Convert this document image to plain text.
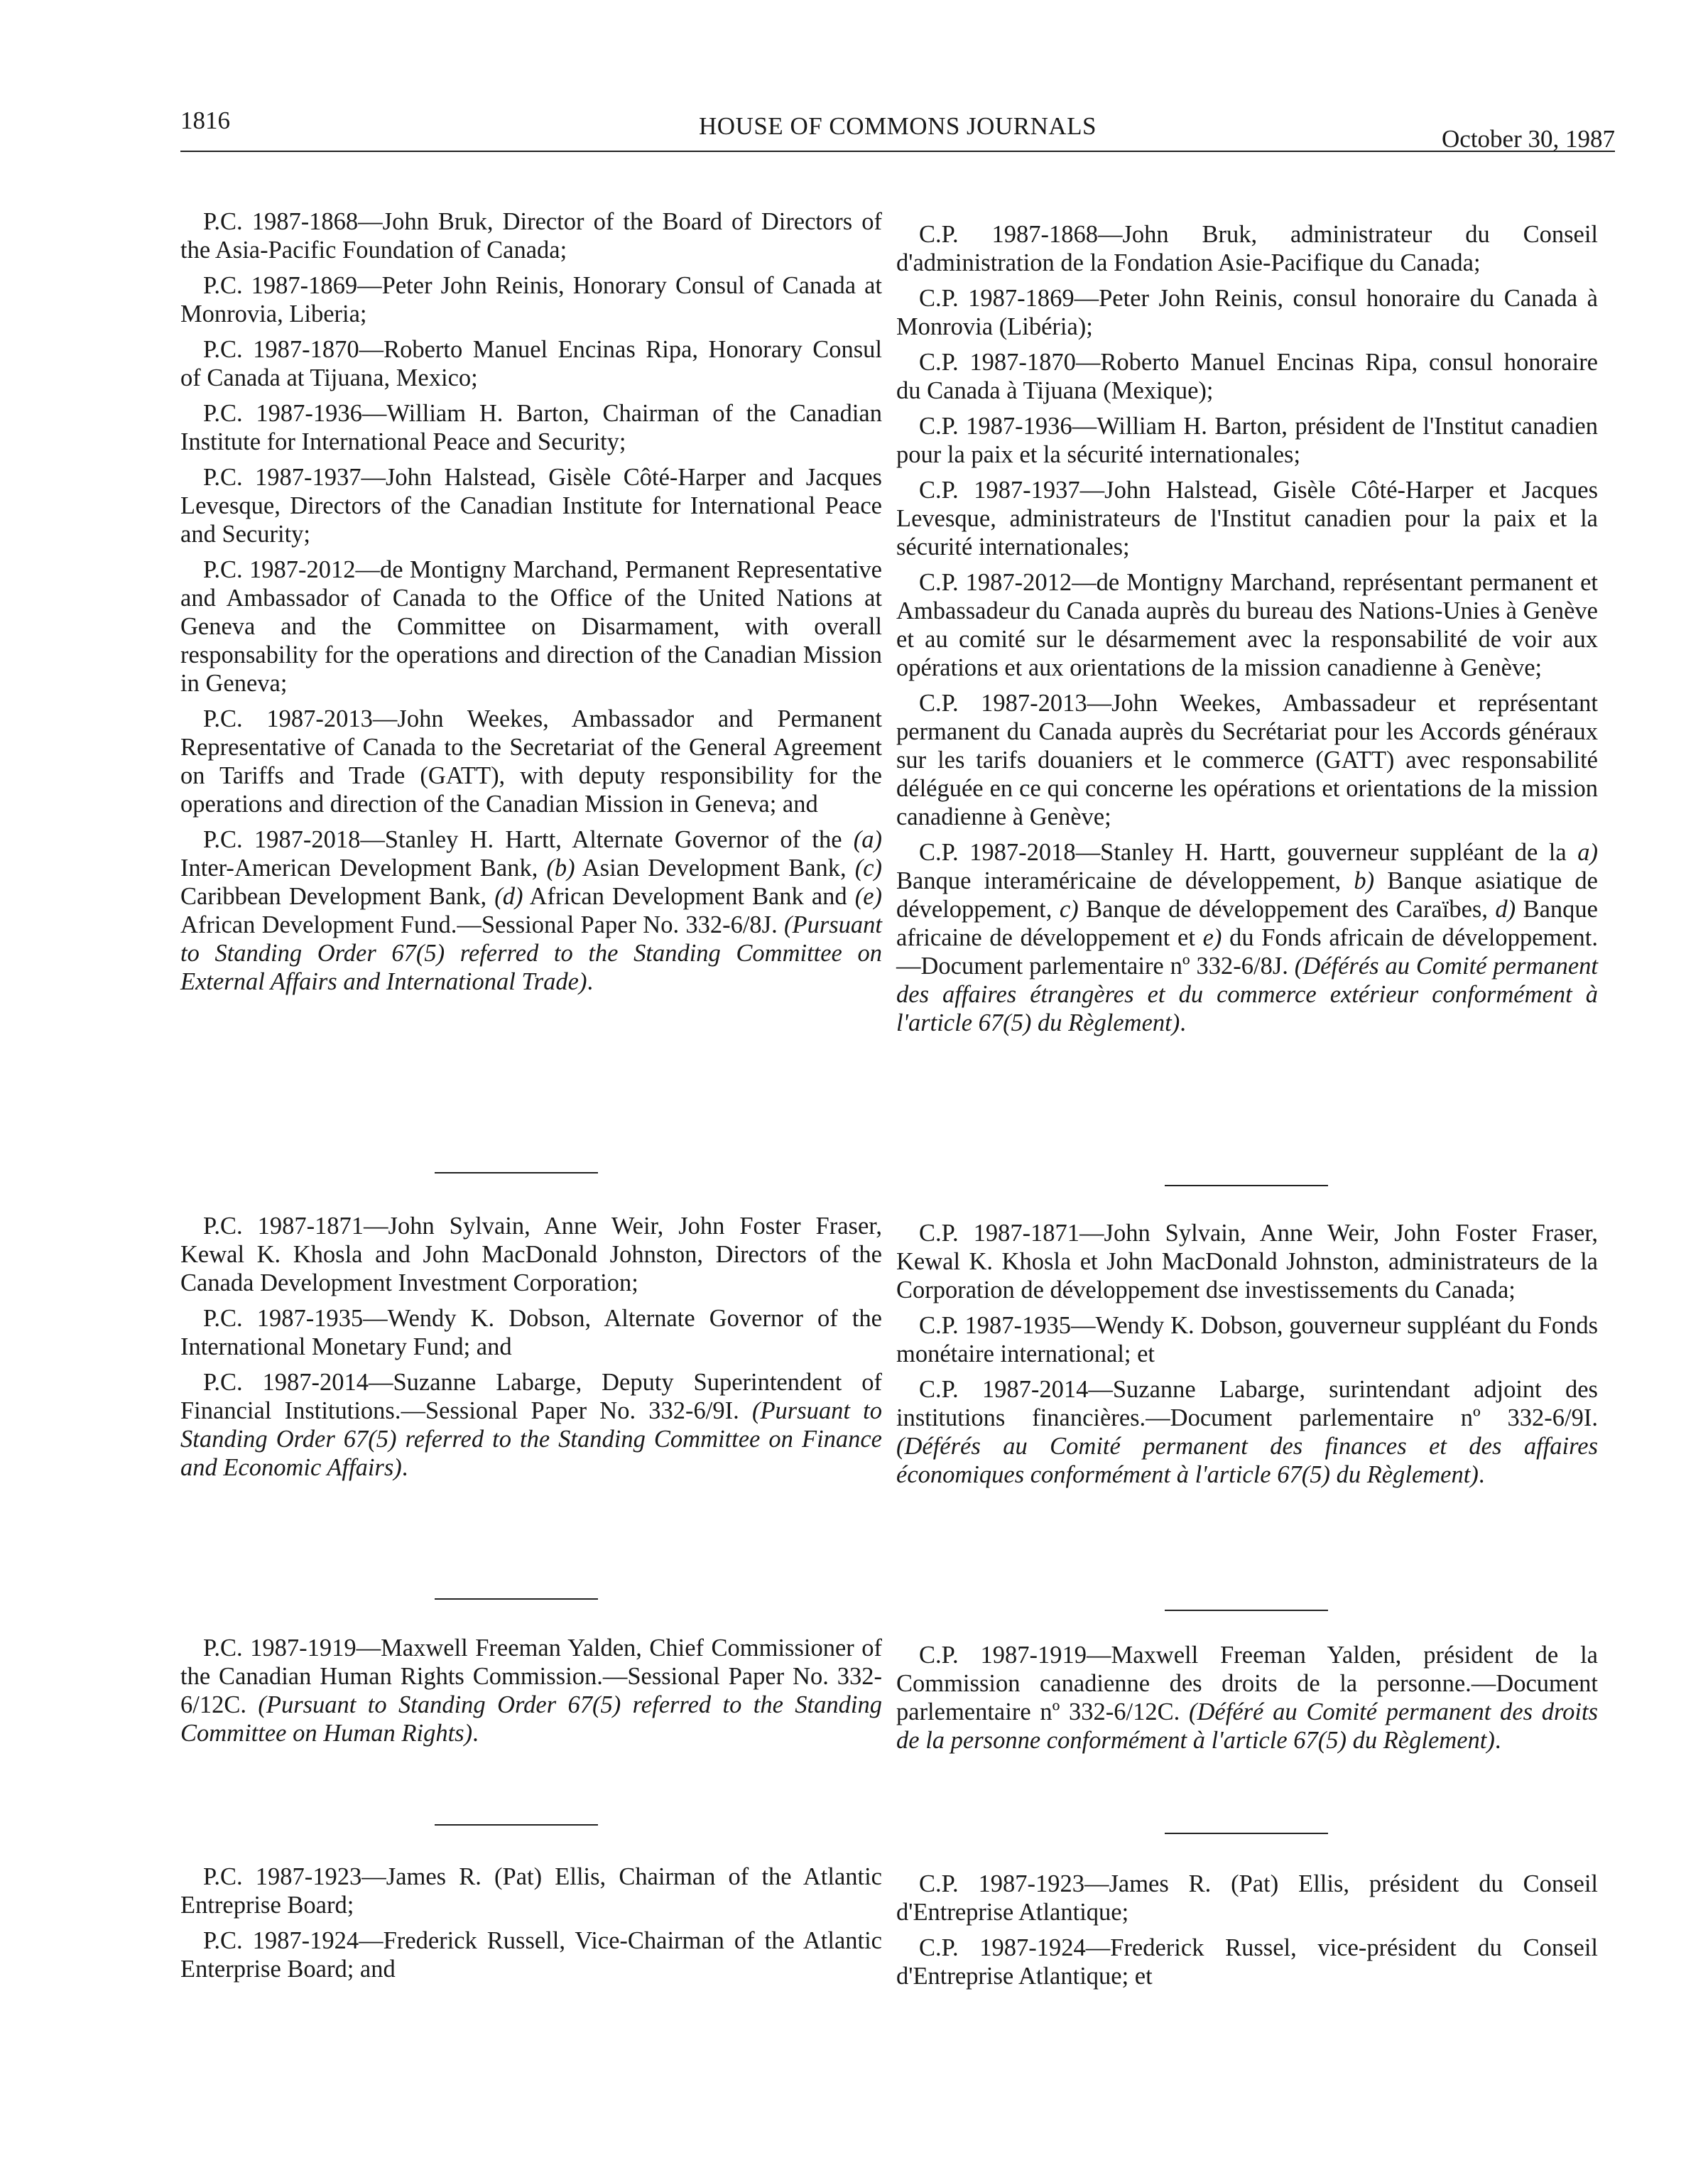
1816	HOUSE OF COMMONS JOURNALS	October 30, 1987

P.C. 1987-1868—John Bruk, Director of the Board of Directors of the Asia-Pacific Foundation of Canada;

P.C. 1987-1869—Peter John Reinis, Honorary Consul of Canada at Monrovia, Liberia;

P.C. 1987-1870—Roberto Manuel Encinas Ripa, Honorary Consul of Canada at Tijuana, Mexico;

P.C. 1987-1936—William H. Barton, Chairman of the Canadian Institute for International Peace and Security;

P.C. 1987-1937—John Halstead, Gisèle Côté-Harper and Jacques Levesque, Directors of the Canadian Institute for International Peace and Security;

P.C. 1987-2012—de Montigny Marchand, Permanent Representative and Ambassador of Canada to the Office of the United Nations at Geneva and the Committee on Disarmament, with overall responsability for the operations and direction of the Canadian Mission in Geneva;

P.C. 1987-2013—John Weekes, Ambassador and Permanent Representative of Canada to the Secretariat of the General Agreement on Tariffs and Trade (GATT), with deputy responsibility for the operations and direction of the Canadian Mission in Geneva; and

P.C. 1987-2018—Stanley H. Hartt, Alternate Governor of the (a) Inter-American Development Bank, (b) Asian Development Bank, (c) Caribbean Development Bank, (d) African Development Bank and (e) African Development Fund.—Sessional Paper No. 332-6/8J. (Pursuant to Standing Order 67(5) referred to the Standing Committee on External Affairs and International Trade).

P.C. 1987-1871—John Sylvain, Anne Weir, John Foster Fraser, Kewal K. Khosla and John MacDonald Johnston, Directors of the Canada Development Investment Corporation;

P.C. 1987-1935—Wendy K. Dobson, Alternate Governor of the International Monetary Fund; and

P.C. 1987-2014—Suzanne Labarge, Deputy Superintendent of Financial Institutions.—Sessional Paper No. 332-6/9I. (Pursuant to Standing Order 67(5) referred to the Standing Committee on Finance and Economic Affairs).

P.C. 1987-1919—Maxwell Freeman Yalden, Chief Commissioner of the Canadian Human Rights Commission.—Sessional Paper No. 332-6/12C. (Pursuant to Standing Order 67(5) referred to the Standing Committee on Human Rights).

P.C. 1987-1923—James R. (Pat) Ellis, Chairman of the Atlantic Entreprise Board;

P.C. 1987-1924—Frederick Russell, Vice-Chairman of the Atlantic Enterprise Board; and

C.P. 1987-1868—John Bruk, administrateur du Conseil d'administration de la Fondation Asie-Pacifique du Canada;

C.P. 1987-1869—Peter John Reinis, consul honoraire du Canada à Monrovia (Libéria);

C.P. 1987-1870—Roberto Manuel Encinas Ripa, consul honoraire du Canada à Tijuana (Mexique);

C.P. 1987-1936—William H. Barton, président de l'Institut canadien pour la paix et la sécurité internationales;

C.P. 1987-1937—John Halstead, Gisèle Côté-Harper et Jacques Levesque, administrateurs de l'Institut canadien pour la paix et la sécurité internationales;

C.P. 1987-2012—de Montigny Marchand, représentant permanent et Ambassadeur du Canada auprès du bureau des Nations-Unies à Genève et au comité sur le désarmement avec la responsabilité de voir aux opérations et aux orientations de la mission canadienne à Genève;

C.P. 1987-2013—John Weekes, Ambassadeur et représentant permanent du Canada auprès du Secrétariat pour les Accords généraux sur les tarifs douaniers et le commerce (GATT) avec responsabilité déléguée en ce qui concerne les opérations et orientations de la mission canadienne à Genève;

C.P. 1987-2018—Stanley H. Hartt, gouverneur suppléant de la a) Banque interaméricaine de développement, b) Banque asiatique de développement, c) Banque de développement des Caraïbes, d) Banque africaine de développement et e) du Fonds africain de développement.—Document parlementaire nº 332-6/8J. (Déférés au Comité permanent des affaires étrangères et du commerce extérieur conformément à l'article 67(5) du Règlement).

C.P. 1987-1871—John Sylvain, Anne Weir, John Foster Fraser, Kewal K. Khosla et John MacDonald Johnston, administrateurs de la Corporation de développement dse investissements du Canada;

C.P. 1987-1935—Wendy K. Dobson, gouverneur suppléant du Fonds monétaire international; et

C.P. 1987-2014—Suzanne Labarge, surintendant adjoint des institutions financières.—Document parlementaire nº 332-6/9I. (Déférés au Comité permanent des finances et des affaires économiques conformément à l'article 67(5) du Règlement).

C.P. 1987-1919—Maxwell Freeman Yalden, président de la Commission canadienne des droits de la personne.—Document parlementaire nº 332-6/12C. (Déféré au Comité permanent des droits de la personne conformément à l'article 67(5) du Règlement).

C.P. 1987-1923—James R. (Pat) Ellis, président du Conseil d'Entreprise Atlantique;

C.P. 1987-1924—Frederick Russel, vice-président du Conseil d'Entreprise Atlantique; et
